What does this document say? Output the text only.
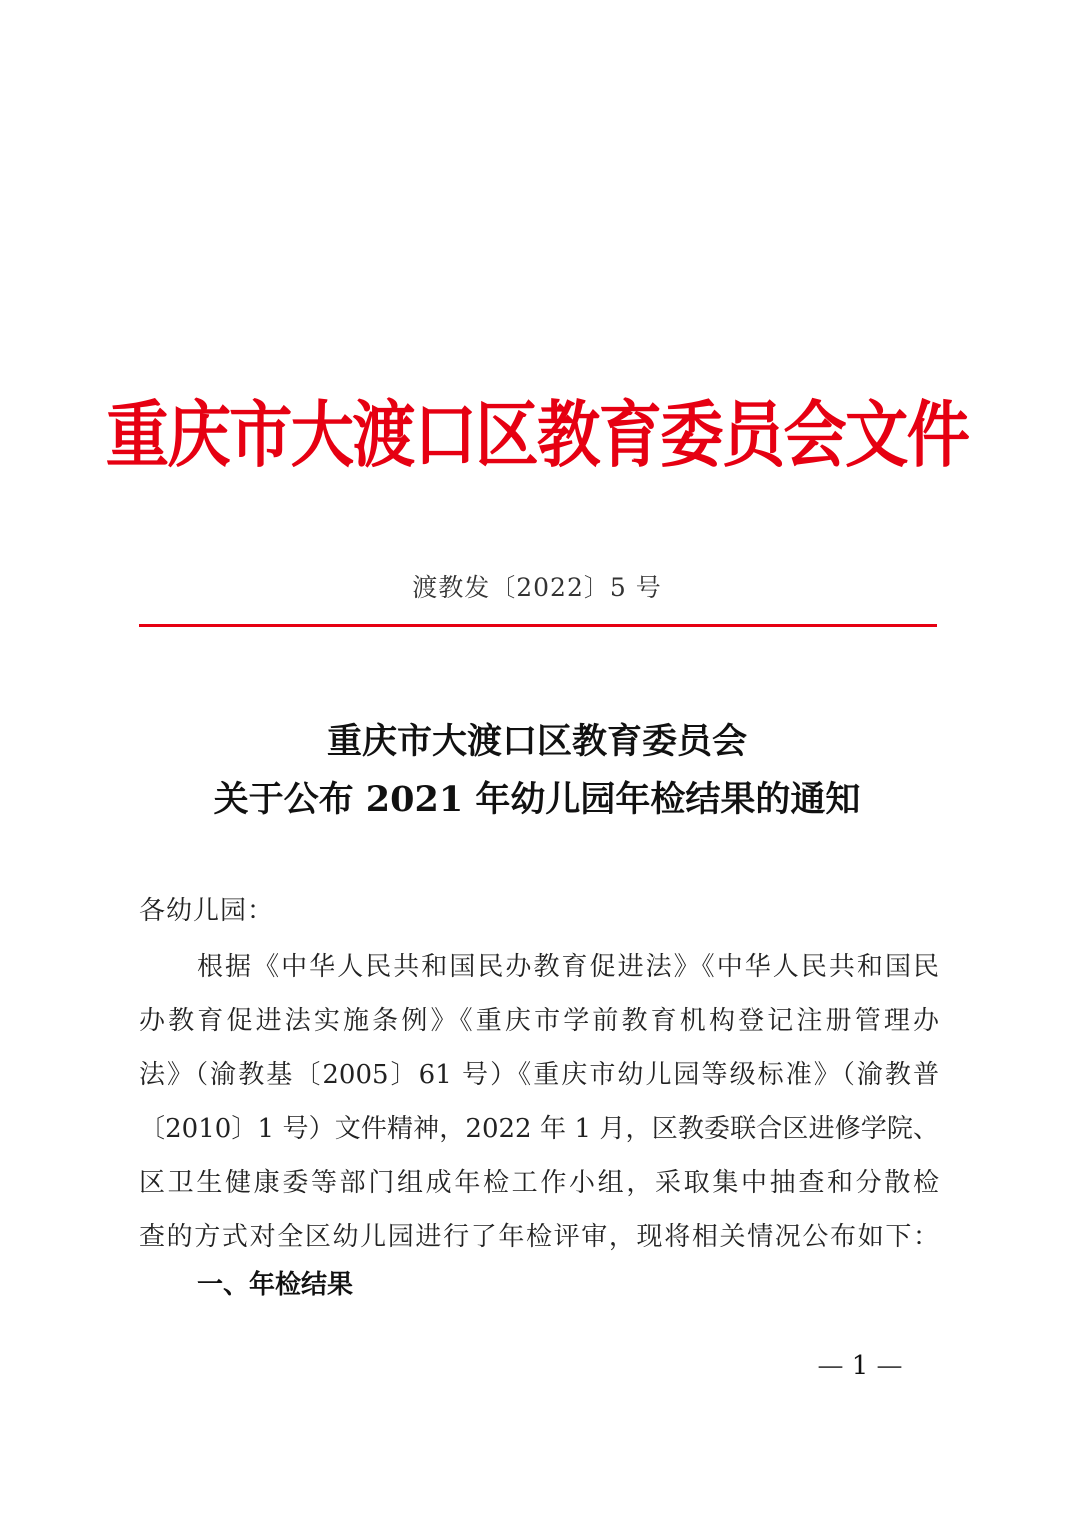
重庆市大渡口区教育委员会文件
渡教发〔2022〕5 号
重庆市大渡口区教育委员会
关于公布 2021 年幼儿园年检结果的通知
各幼儿园：
根据《中华人民共和国民办教育促进法》《中华人民共和国民
办教育促进法实施条例》《重庆市学前教育机构登记注册管理办
法》（渝教基〔2005〕61 号）《重庆市幼儿园等级标准》（渝教普
〔2010〕1 号）文件精神，2022 年 1 月，区教委联合区进修学院、
区卫生健康委等部门组成年检工作小组，采取集中抽查和分散检
查的方式对全区幼儿园进行了年检评审，现将相关情况公布如下：
一、年检结果
— 1 —
